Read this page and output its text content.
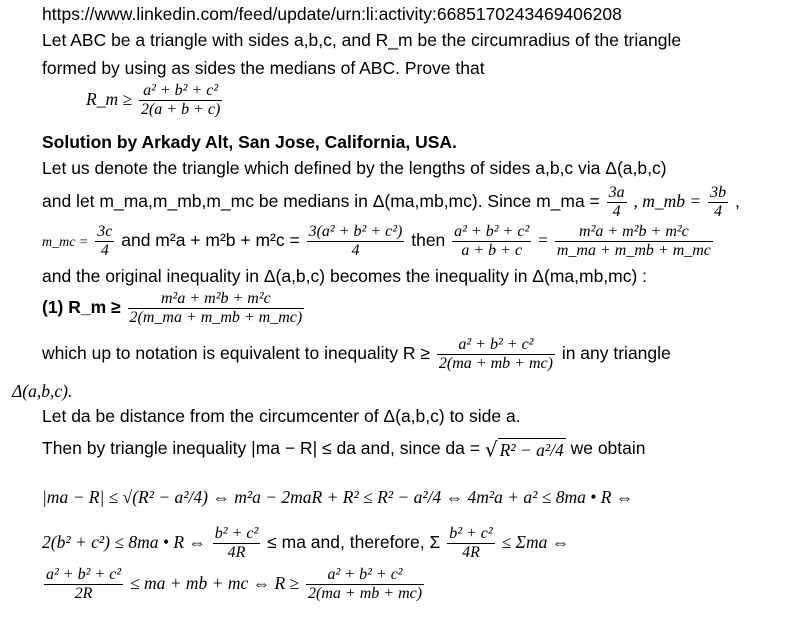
https://www.linkedin.com/feed/update/urn:li:activity:6685170243469406208
Let ABC be a triangle with sides a,b,c, and R_m be the circumradius of the triangle
formed by using as sides the medians of ABC. Prove that
R_m ≥ $\frac{\text{a² + b² + c²}}{2(a + b + c)}$
Solution by Arkady Alt, San Jose, California, USA.
Let us denote the triangle which defined by the lengths of sides a,b,c via Δ(a,b,c)
and let m_ma,m_mb,m_mc be medians in Δ(ma,mb,mc). Since m_ma = $\frac{3a}{4}$ , m_mb = $\frac{3b}{4}$ ,
m_mc = $\frac{3c}{4}$ and $m^2a + m^2b + m^2c = \frac{\text{3(a² + b² + c²)}}{4}$ then $\frac{\text{a² + b² + c²}}{a + b + c} = \frac{\text{m²a + m²b + m²c}}{m\_ma + m\_mb + m\_mc}$
and the original inequality in Δ(a,b,c) becomes the inequality in Δ(ma,mb,mc) :
(1) R_m ≥ $\frac{\text{m²a + m²b + m²c}}{2(m\_ma + m\_mb + m\_mc)}$
which up to notation is equivalent to inequality $R \ge \frac{\text{a² + b² + c²}}{2(ma + mb + mc)}$ in any triangle
Δ(a,b,c).
Let da be distance from the circumcenter of Δ(a,b,c) to side a.
Then by triangle inequality |ma − R| ≤ da and, since da = √ R² − a²/4 we obtain
|ma − R| ≤ √(R² − a²/4) ⇔ m²a − 2maR + R² ≤ R² − a²/4 ⇔ 4m²a + a² ≤ 8ma • R ⇔
2(b² + c²) ≤ 8ma • R ⇔ $\frac{\text{b² + c²}}{4R}$ ≤ ma and, therefore, Σ $\frac{\text{b² + c²}}{4R} \le \Sigma ma$ ⇔
$\frac{\text{a² + b² + c²}}{2R}$ ≤ ma + mb + mc ⇔ $R \ge \frac{\text{a² + b² + c²}}{2(ma + mb + mc)}$
